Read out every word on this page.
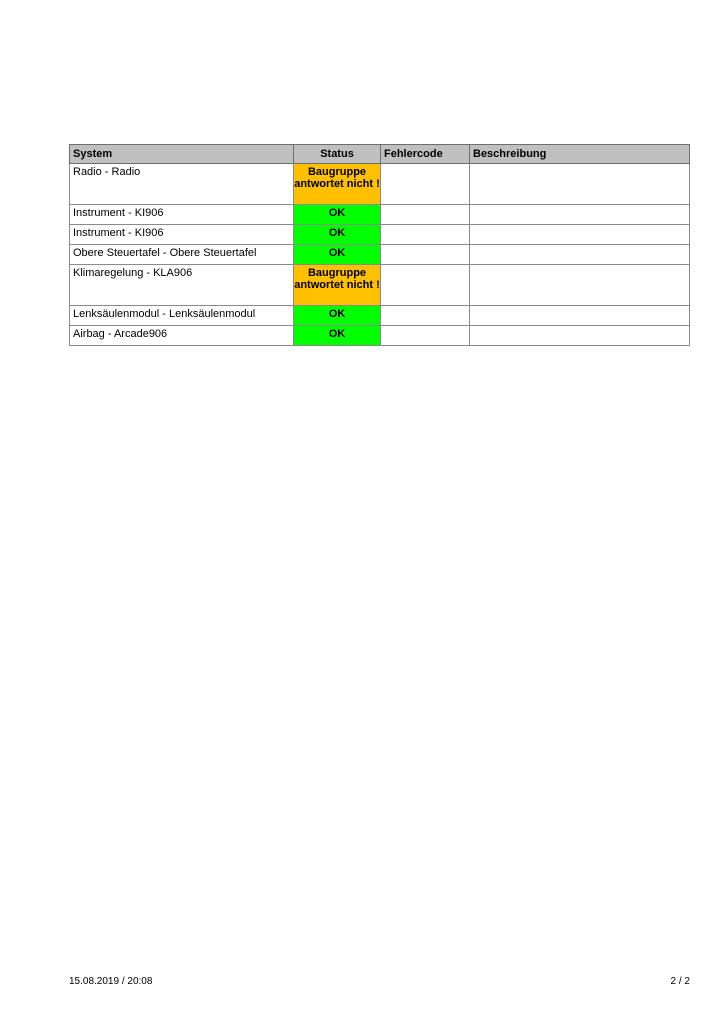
System	Status	Fehlercode	Beschreibung
Radio - Radio	Baugruppe antwortet nicht !		
Instrument - KI906	OK		
Instrument - KI906	OK		
Obere Steuertafel - Obere Steuertafel	OK		
Klimaregelung - KLA906	Baugruppe antwortet nicht !		
Lenksäulenmodul - Lenksäulenmodul	OK		
Airbag - Arcade906	OK		
15.08.2019 / 20:08	2 / 2
